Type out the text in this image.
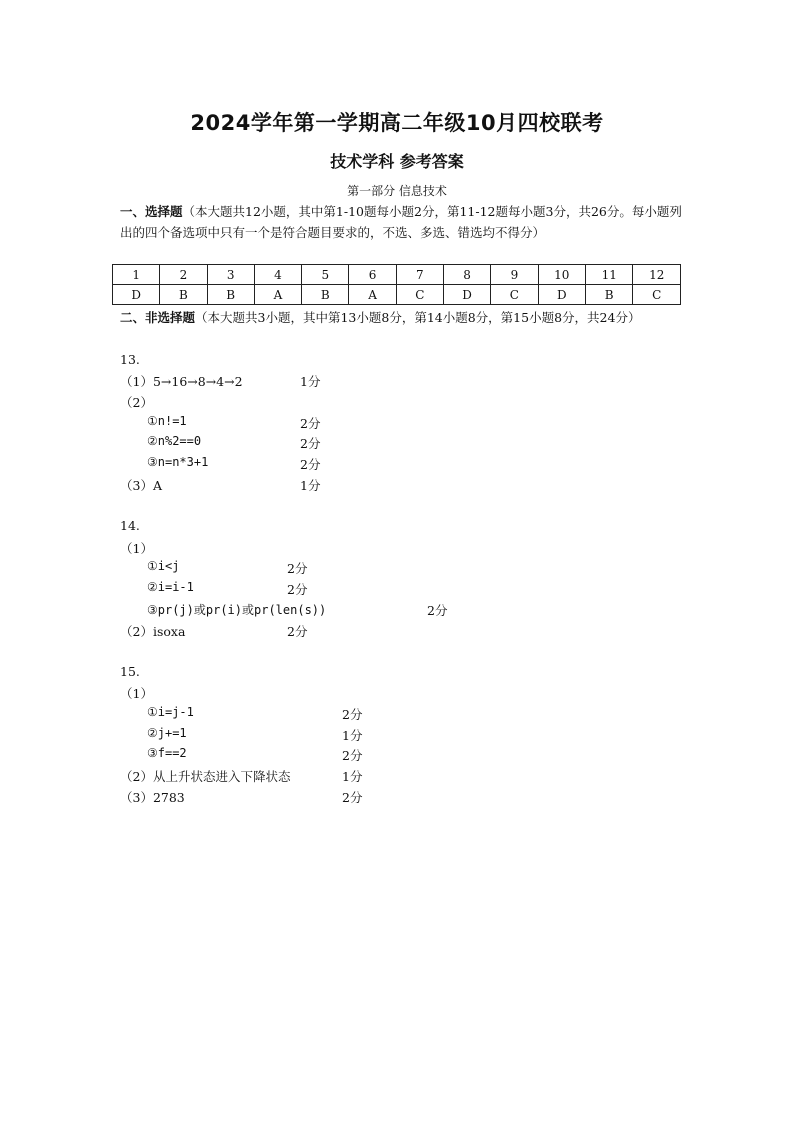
2024学年第一学期高二年级10月四校联考
技术学科 参考答案
第一部分 信息技术
一、选择题（本大题共12小题，其中第1-10题每小题2分，第11-12题每小题3分，共26分。每小题列出的四个备选项中只有一个是符合题目要求的，不选、多选、错选均不得分）
1	2	3	4	5	6	7	8	9	10	11	12
D	B	B	A	B	A	C	D	C	D	B	C
二、非选择题（本大题共3小题，其中第13小题8分，第14小题8分，第15小题8分，共24分）
13.
（1）5→16→8→4→2	1分
（2）
①n!=1	2分
②n%2==0	2分
③n=n*3+1	2分
（3）A	1分
14.
（1）
①i<j	2分
②i=i-1	2分
③pr(j)或pr(i)或pr(len(s))	2分
（2）isoxa	2分
15.
（1）
①i=j-1	2分
②j+=1	1分
③f==2	2分
（2）从上升状态进入下降状态	1分
（3）2783	2分
